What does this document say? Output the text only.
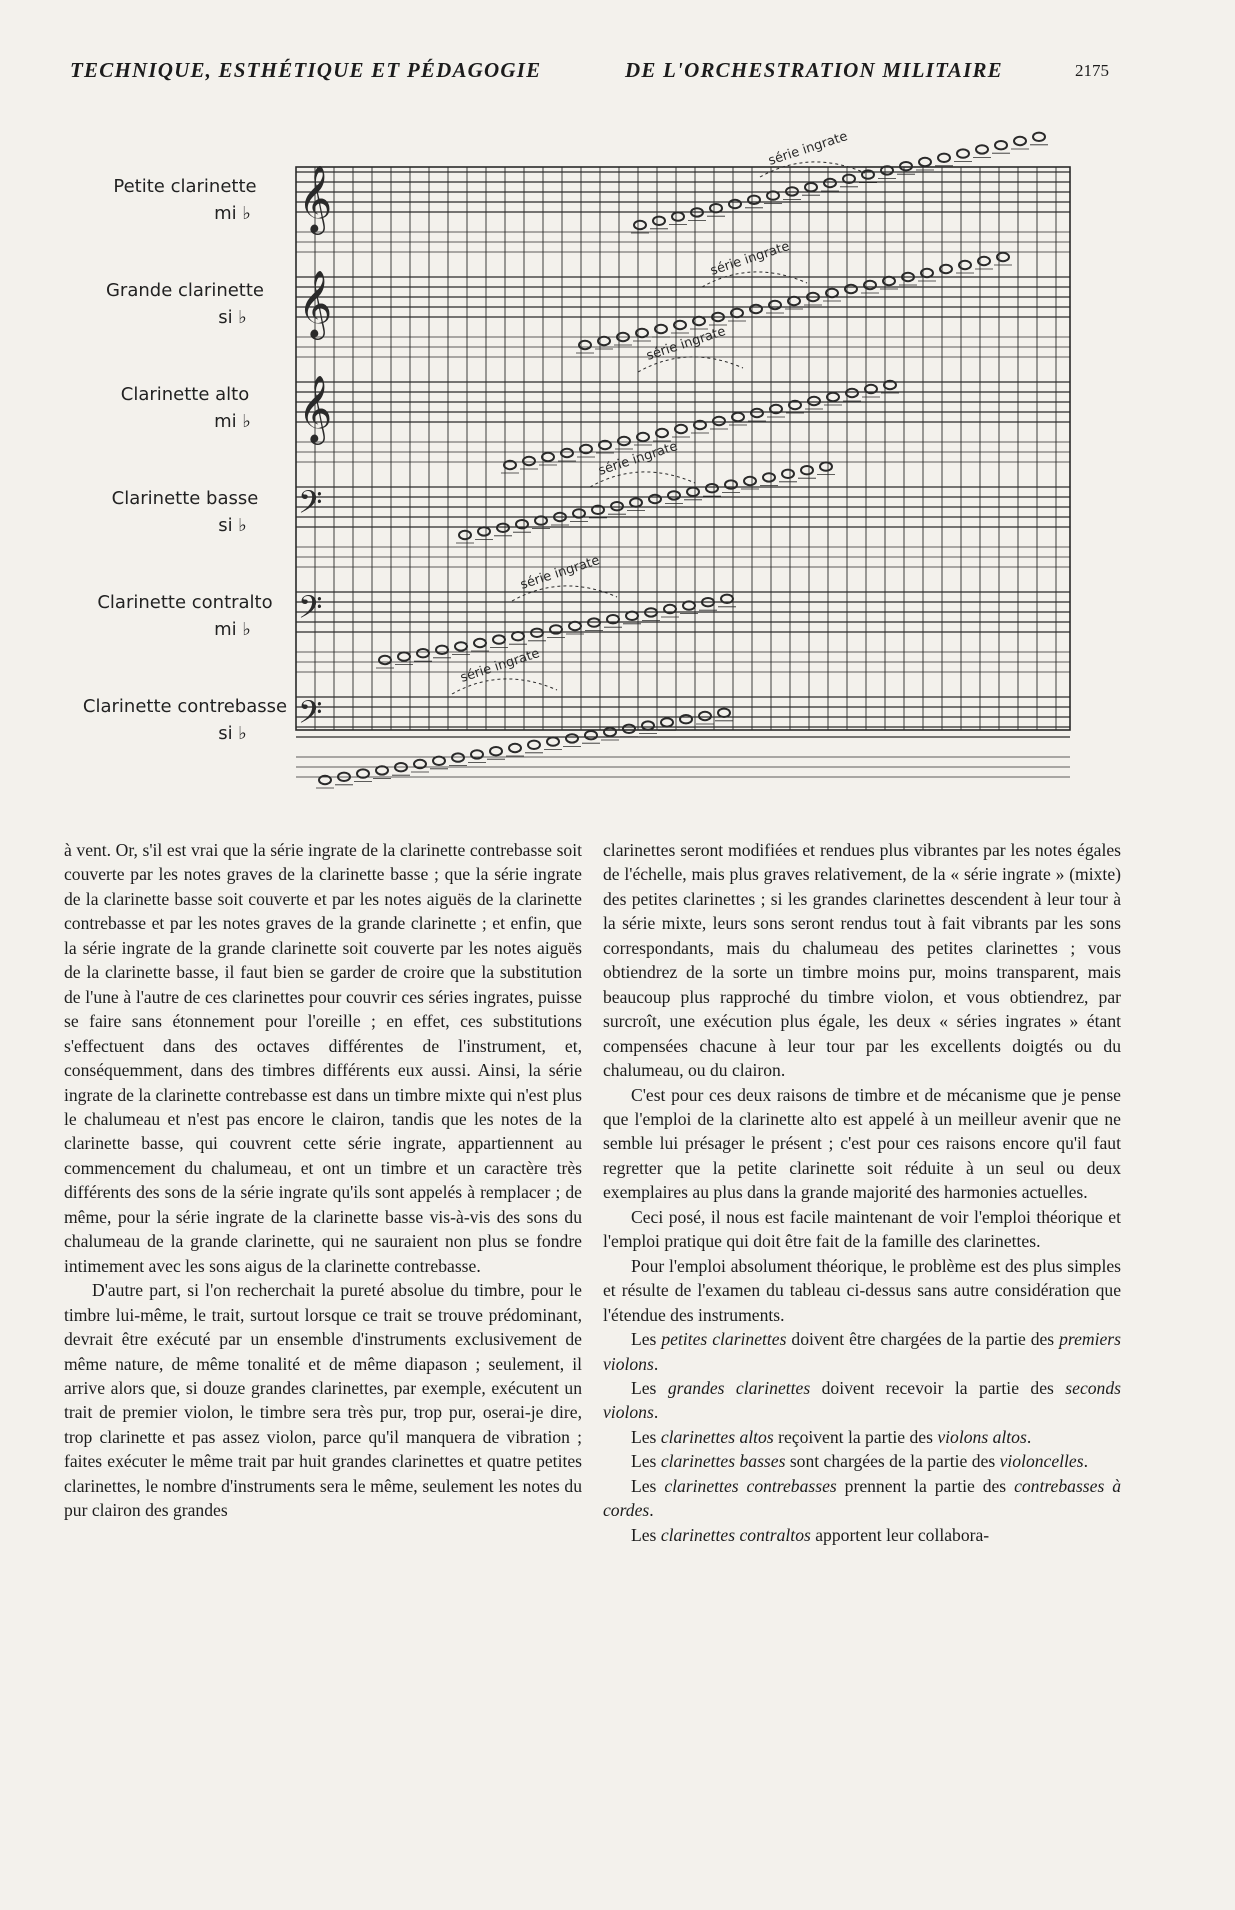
TECHNIQUE, ESTHÉTIQUE ET PÉDAGOGIE	DE L'ORCHESTRATION MILITAIRE	2175
𝄞
𝄞
𝄞
𝄢
𝄢
𝄢
série ingrate
série ingrate
série ingrate
série ingrate
série ingrate
série ingrate
Petite clarinette
mi ♭
Grande clarinette
si ♭
Clarinette alto
mi ♭
Clarinette basse
si ♭
Clarinette contralto
mi ♭
Clarinette contrebasse
si ♭

à vent. Or, s'il est vrai que la série ingrate de la clarinette contrebasse soit couverte par les notes graves de la clarinette basse ; que la série ingrate de la clarinette basse soit couverte et par les notes aiguës de la clarinette contrebasse et par les notes graves de la grande clarinette ; et enfin, que la série ingrate de la grande clarinette soit couverte par les notes aiguës de la clarinette basse, il faut bien se garder de croire que la substitution de l'une à l'autre de ces clarinettes pour couvrir ces séries ingrates, puisse se faire sans étonnement pour l'oreille ; en effet, ces substitutions s'effectuent dans des octaves différentes de l'instrument, et, conséquemment, dans des timbres différents eux aussi. Ainsi, la série ingrate de la clarinette contrebasse est dans un timbre mixte qui n'est plus le chalumeau et n'est pas encore le clairon, tandis que les notes de la clarinette basse, qui couvrent cette série ingrate, appartiennent au commencement du chalumeau, et ont un timbre et un caractère très différents des sons de la série ingrate qu'ils sont appelés à remplacer ; de même, pour la série ingrate de la clarinette basse vis-à-vis des sons du chalumeau de la grande clarinette, qui ne sauraient non plus se fondre intimement avec les sons aigus de la clarinette contrebasse.

D'autre part, si l'on recherchait la pureté absolue du timbre, pour le timbre lui-même, le trait, surtout lorsque ce trait se trouve prédominant, devrait être exécuté par un ensemble d'instruments exclusivement de même nature, de même tonalité et de même diapason ; seulement, il arrive alors que, si douze grandes clarinettes, par exemple, exécutent un trait de premier violon, le timbre sera très pur, trop pur, oserai-je dire, trop clarinette et pas assez violon, parce qu'il manquera de vibration ; faites exécuter le même trait par huit grandes clarinettes et quatre petites clarinettes, le nombre d'instruments sera le même, seulement les notes du pur clairon des grandes

clarinettes seront modifiées et rendues plus vibrantes par les notes égales de l'échelle, mais plus graves relativement, de la « série ingrate » (mixte) des petites clarinettes ; si les grandes clarinettes descendent à leur tour à la série mixte, leurs sons seront rendus tout à fait vibrants par les sons correspondants, mais du chalumeau des petites clarinettes ; vous obtiendrez de la sorte un timbre moins pur, moins transparent, mais beaucoup plus rapproché du timbre violon, et vous obtiendrez, par surcroît, une exécution plus égale, les deux « séries ingrates » étant compensées chacune à leur tour par les excellents doigtés ou du chalumeau, ou du clairon.

C'est pour ces deux raisons de timbre et de mécanisme que je pense que l'emploi de la clarinette alto est appelé à un meilleur avenir que ne semble lui présager le présent ; c'est pour ces raisons encore qu'il faut regretter que la petite clarinette soit réduite à un seul ou deux exemplaires au plus dans la grande majorité des harmonies actuelles.

Ceci posé, il nous est facile maintenant de voir l'emploi théorique et l'emploi pratique qui doit être fait de la famille des clarinettes.

Pour l'emploi absolument théorique, le problème est des plus simples et résulte de l'examen du tableau ci-dessus sans autre considération que l'étendue des instruments.

Les petites clarinettes doivent être chargées de la partie des premiers violons.

Les grandes clarinettes doivent recevoir la partie des seconds violons.

Les clarinettes altos reçoivent la partie des violons altos.

Les clarinettes basses sont chargées de la partie des violoncelles.

Les clarinettes contrebasses prennent la partie des contrebasses à cordes.

Les clarinettes contraltos apportent leur collabora-
